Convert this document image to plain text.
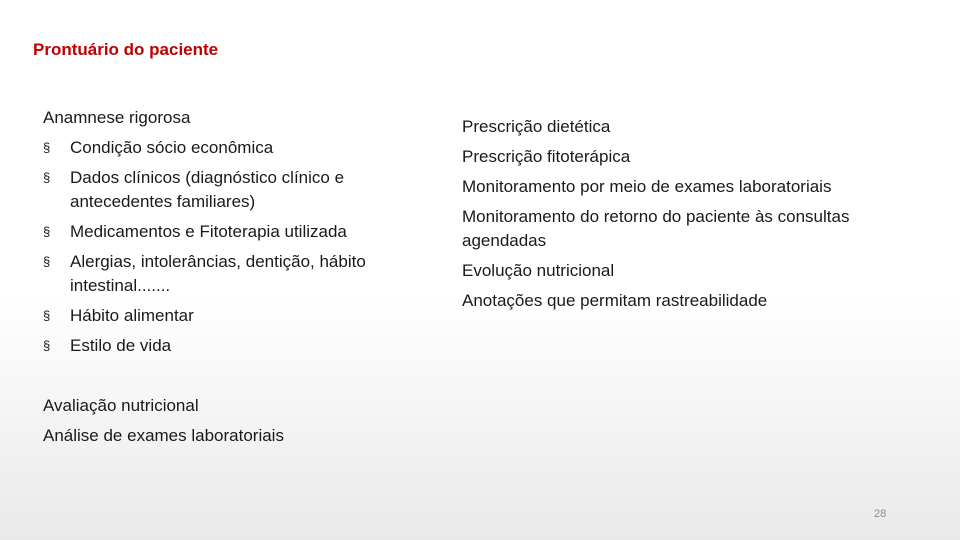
Prontuário do paciente
Anamnese rigorosa
§ Condição sócio econômica
§ Dados clínicos (diagnóstico clínico e antecedentes familiares)
§ Medicamentos e Fitoterapia utilizada
§ Alergias, intolerâncias, dentição, hábito intestinal.......
§ Hábito alimentar
§ Estilo de vida
Prescrição dietética
Prescrição fitoterápica
Monitoramento por meio de exames laboratoriais
Monitoramento do retorno do paciente às consultas agendadas
Evolução nutricional
Anotações que permitam rastreabilidade
Avaliação nutricional
Análise de exames laboratoriais
28
